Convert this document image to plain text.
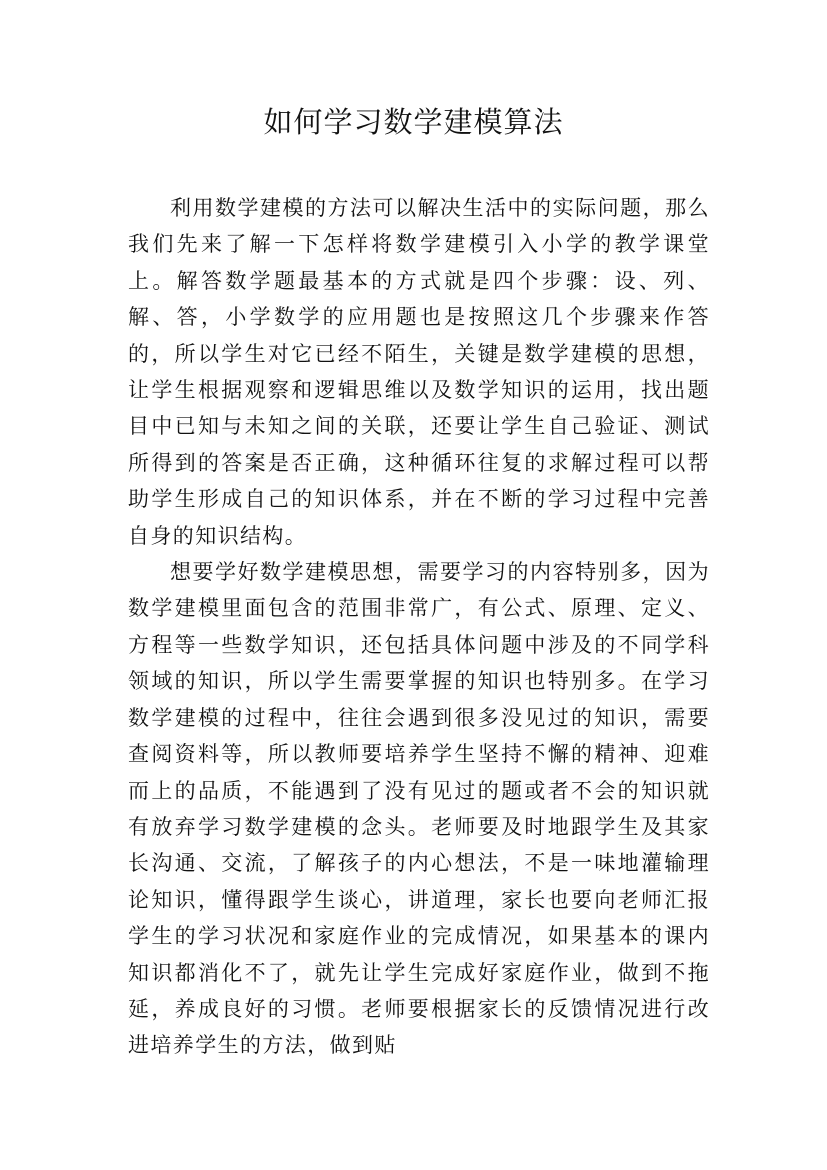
如何学习数学建模算法

利用数学建模的方法可以解决生活中的实际问题，那么我们先来了解一下怎样将数学建模引入小学的教学课堂上。解答数学题最基本的方式就是四个步骤：设、列、解、答，小学数学的应用题也是按照这几个步骤来作答的，所以学生对它已经不陌生，关键是数学建模的思想，让学生根据观察和逻辑思维以及数学知识的运用，找出题目中已知与未知之间的关联，还要让学生自己验证、测试所得到的答案是否正确，这种循环往复的求解过程可以帮助学生形成自己的知识体系，并在不断的学习过程中完善自身的知识结构。

想要学好数学建模思想，需要学习的内容特别多，因为数学建模里面包含的范围非常广，有公式、原理、定义、方程等一些数学知识，还包括具体问题中涉及的不同学科领域的知识，所以学生需要掌握的知识也特别多。在学习数学建模的过程中，往往会遇到很多没见过的知识，需要查阅资料等，所以教师要培养学生坚持不懈的精神、迎难而上的品质，不能遇到了没有见过的题或者不会的知识就有放弃学习数学建模的念头。老师要及时地跟学生及其家长沟通、交流，了解孩子的内心想法，不是一味地灌输理论知识，懂得跟学生谈心，讲道理，家长也要向老师汇报学生的学习状况和家庭作业的完成情况，如果基本的课内知识都消化不了，就先让学生完成好家庭作业，做到不拖延，养成良好的习惯。老师要根据家长的反馈情况进行改进培养学生的方法，做到贴
